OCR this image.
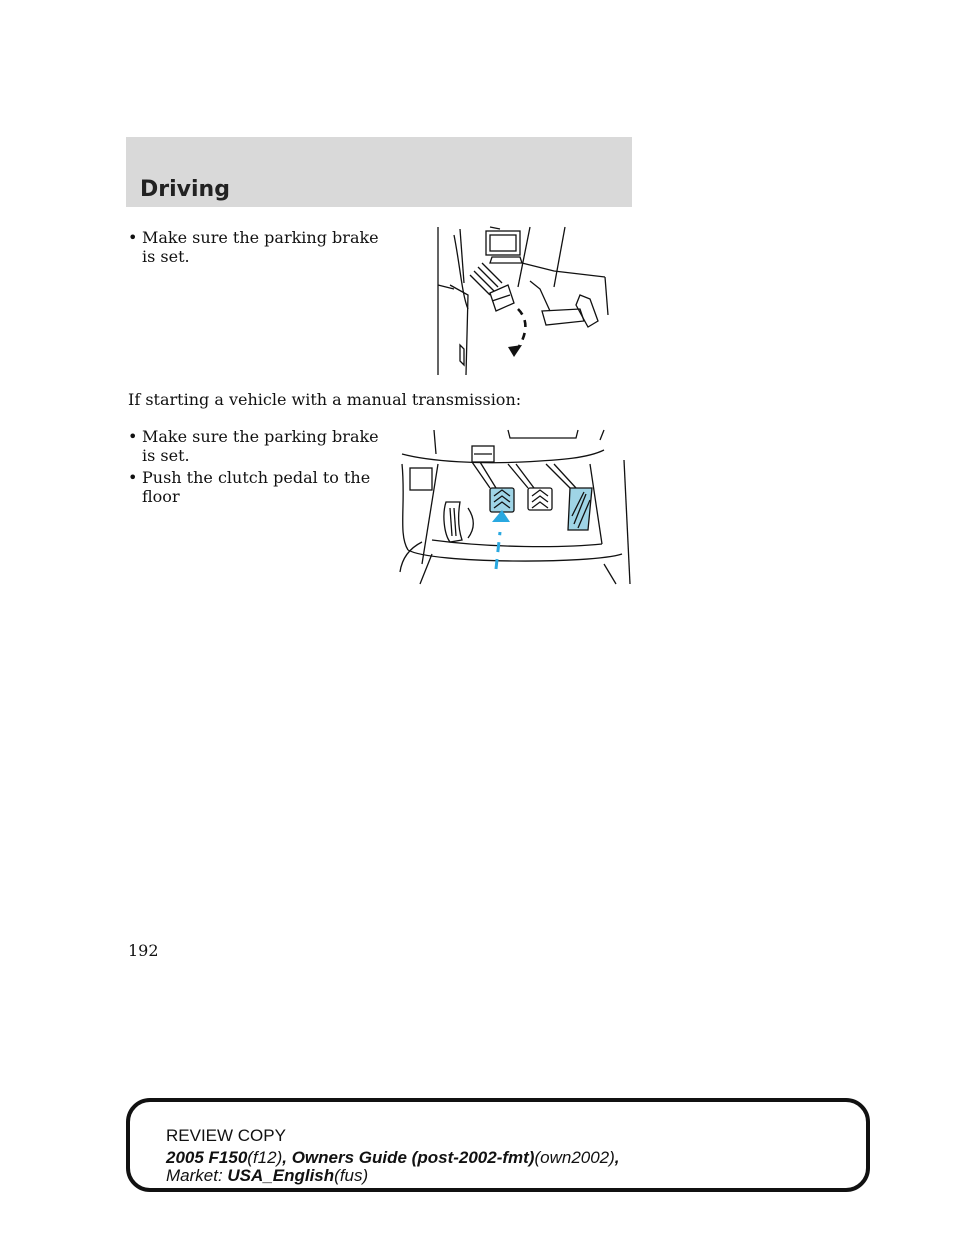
Driving
• Make sure the parking brake is set.
If starting a vehicle with a manual transmission:
• Make sure the parking brake is set.
• Push the clutch pedal to the floor
192

REVIEW COPY

2005 F150(f12), Owners Guide (post-2002-fmt)(own2002),

Market: USA_English(fus)
